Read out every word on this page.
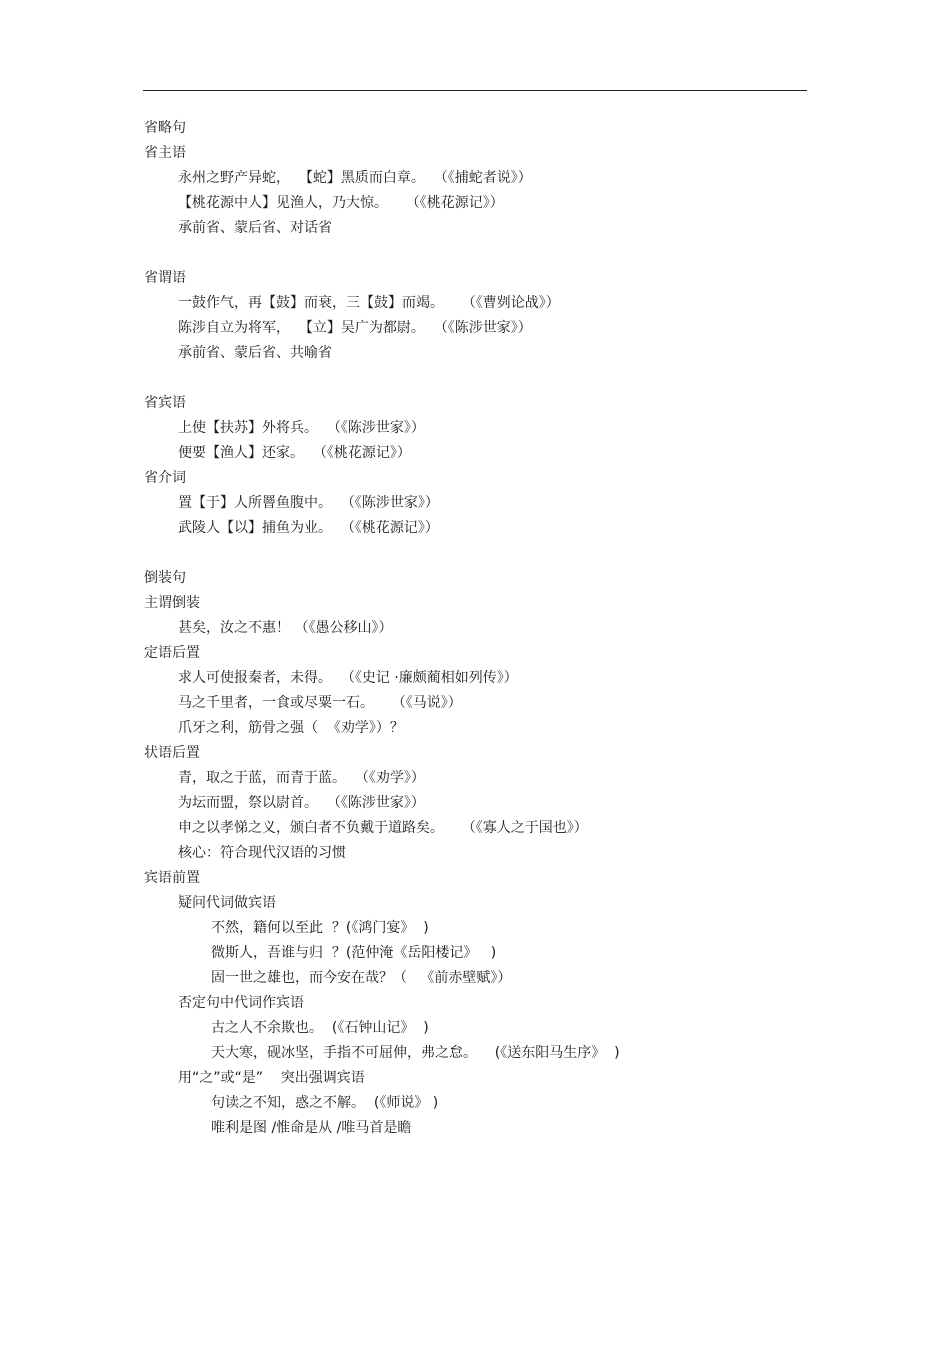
省略句
省主语
永州之野产异蛇，  【蛇】黑质而白章。  （《捕蛇者说》）
【桃花源中人】见渔人，乃大惊。    （《桃花源记》）
承前省、蒙后省、对话省
省谓语
一鼓作气，再【鼓】而衰，三【鼓】而竭。    （《曹刿论战》）
陈涉自立为将军，  【立】吴广为都尉。  （《陈涉世家》）
承前省、蒙后省、共喻省
省宾语
上使【扶苏】外将兵。  （《陈涉世家》）
便要【渔人】还家。  （《桃花源记》）
省介词
置【于】人所罾鱼腹中。  （《陈涉世家》）
武陵人【以】捕鱼为业。  （《桃花源记》）
倒装句
主谓倒装
甚矣，汝之不惠！ （《愚公移山》）
定语后置
求人可使报秦者，未得。  （《史记 ·廉颇蔺相如列传》）
马之千里者，一食或尽粟一石。    （《马说》）
爪牙之利，筋骨之强（  《劝学》）？
状语后置
青，取之于蓝，而青于蓝。  （《劝学》）
为坛而盟，祭以尉首。  （《陈涉世家》）
申之以孝悌之义，颁白者不负戴于道路矣。    （《寡人之于国也》）
核心：符合现代汉语的习惯
宾语前置
疑问代词做宾语
不然，籍何以至此  ？(《鸿门宴》  )
微斯人，吾谁与归  ？(范仲淹《岳阳楼记》   )
固一世之雄也，而今安在哉？（   《前赤壁赋》）
否定句中代词作宾语
古之人不余欺也。  (《石钟山记》  )
天大寒，砚冰坚，手指不可屈伸，弗之怠。    (《送东阳马生序》  )
用“之”或“是”    突出强调宾语
句读之不知，惑之不解。  (《师说》 )
唯利是图 /惟命是从 /唯马首是瞻
